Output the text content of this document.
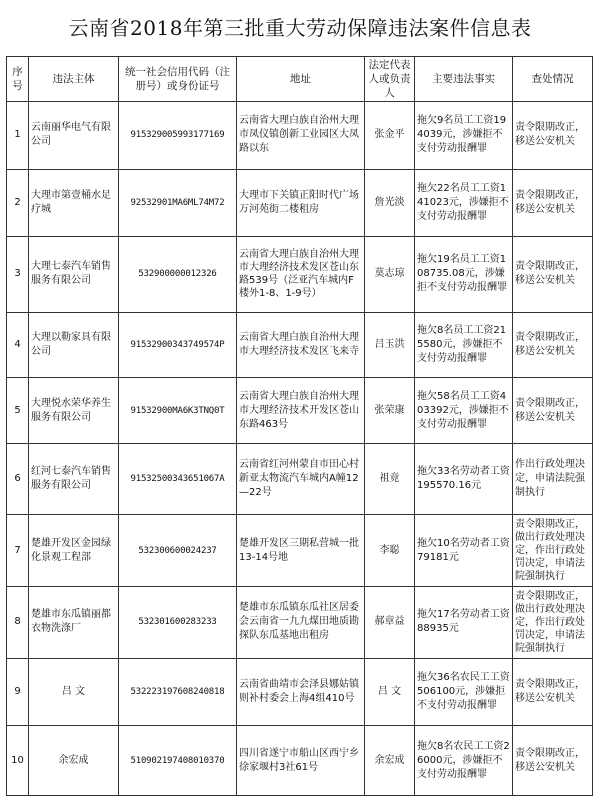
云南省2018年第三批重大劳动保障违法案件信息表
序号	违法主体	统一社会信用代码（注册号）或身份证号	地址	法定代表人或负责人	主要违法事实	查处情况
1	云南丽华电气有限公司	915329005993177169	云南省大理白族自治州大理市凤仪镇创新工业园区大凤路以东	张金平	拖欠9名员工工资194039元，涉嫌拒不支付劳动报酬罪	责令限期改正，移送公安机关
2	大理市第壹桶水足疗城	92532901MA6ML74M72	大理市下关镇正阳时代广场万河苑街二楼租房	詹光淡	拖欠22名员工工资141023元，涉嫌拒不支付劳动报酬罪	责令限期改正，移送公安机关
3	大理七泰汽车销售服务有限公司	532900000012326	云南省大理白族自治州大理市大理经济技术发区苍山东路539号（泛亚汽车城内F楼外1-8、1-9号）	莫志琼	拖欠19名员工工资108735.08元，涉嫌拒不支付劳动报酬罪	责令限期改正，移送公安机关
4	大理以勒家具有限公司	91532900343749574P	云南省大理白族自治州大理市大理经济技术发区飞来寺	吕玉洪	拖欠8名员工工资215580元，涉嫌拒不支付劳动报酬罪	责令限期改正，移送公安机关
5	大理悦水荣华养生服务有限公司	91532900MA6K3TNQ0T	云南省大理白族自治州大理市大理经济技术开发区苍山东路463号	张荣康	拖欠58名员工工资403392元，涉嫌拒不支付劳动报酬罪	责令限期改正，移送公安机关
6	红河七泰汽车销售服务有限公司	91532500343651067A	云南省红河州蒙自市田心村新亚太物流汽车城内A幢12—22号	祖竟	拖欠33名劳动者工资195570.16元	作出行政处理决定，申请法院强制执行
7	楚雄开发区金园绿化景观工程部	532300600024237	楚雄开发区三期私营城一批13-14号地	李聪	拖欠10名劳动者工资79181元	责令限期改正，做出行政处理决定，作出行政处罚决定，申请法院强制执行
8	楚雄市东瓜镇丽都衣物洗涤厂	532301600283233	楚雄市东瓜镇东瓜社区居委会云南省一九九煤田地质勘探队东瓜基地出租房	郝章益	拖欠17名劳动者工资88935元	责令限期改正，做出行政处理决定，作出行政处罚决定，申请法院强制执行
9	吕 文	532223197608240818	云南省曲靖市会泽县娜姑镇则补村委会上海4组410号	吕 文	拖欠36名农民工工资506100元，涉嫌拒不支付劳动报酬罪	责令限期改正，移送公安机关
10	余宏成	510902197408010370	四川省遂宁市船山区西宁乡徐家堰村3社61号	余宏成	拖欠8名农民工工资26000元，涉嫌拒不支付劳动报酬罪	责令限期改正，移送公安机关
